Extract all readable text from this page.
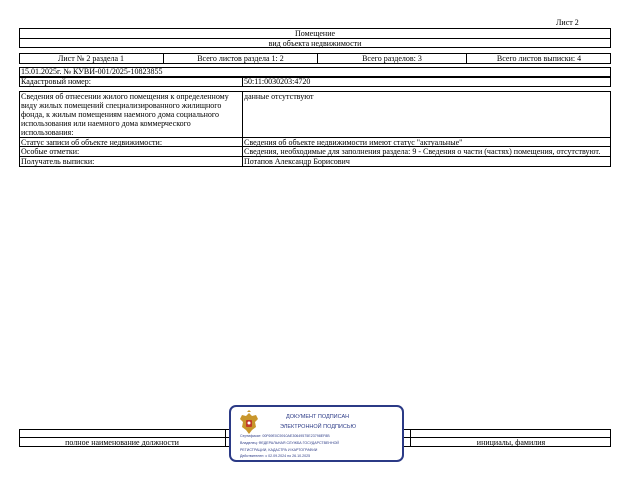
Лист 2
Помещение
вид объекта недвижимости
Лист № 2 раздела 1	Всего листов раздела 1: 2	Всего разделов: 3	Всего листов выписки: 4
15.01.2025г. № КУВИ-001/2025-10823855
Кадастровый номер:	50:11:0030203:4720
Сведения об отнесении жилого помещения к определенному виду жилых помещений специализированного жилищного фонда, к жилым помещениям наемного дома социального использования или наемного дома коммерческого использования:
данные отсутствуют
Статус записи об объекте недвижимости:	Сведения об объекте недвижимости имеют статус "актуальные"
Особые отметки:	Сведения, необходимые для заполнения раздела: 9 - Сведения о части (частях) помещения, отсутствуют.
Получатель выписки:	Потапов Александр Борисович
полное наименование должности	инициалы, фамилия
ДОКУМЕНТ ПОДПИСАН
ЭЛЕКТРОННОЙ ПОДПИСЬЮ
Сертификат: 00F69E0C5910AE30649575E23798EF8B
Владелец: ФЕДЕРАЛЬНАЯ СЛУЖБА ГОСУДАРСТВЕННОЙ
РЕГИСТРАЦИИ, КАДАСТРА И КАРТОГРАФИИ
Действителен: с 02.09.2024 по 26.10.2025
